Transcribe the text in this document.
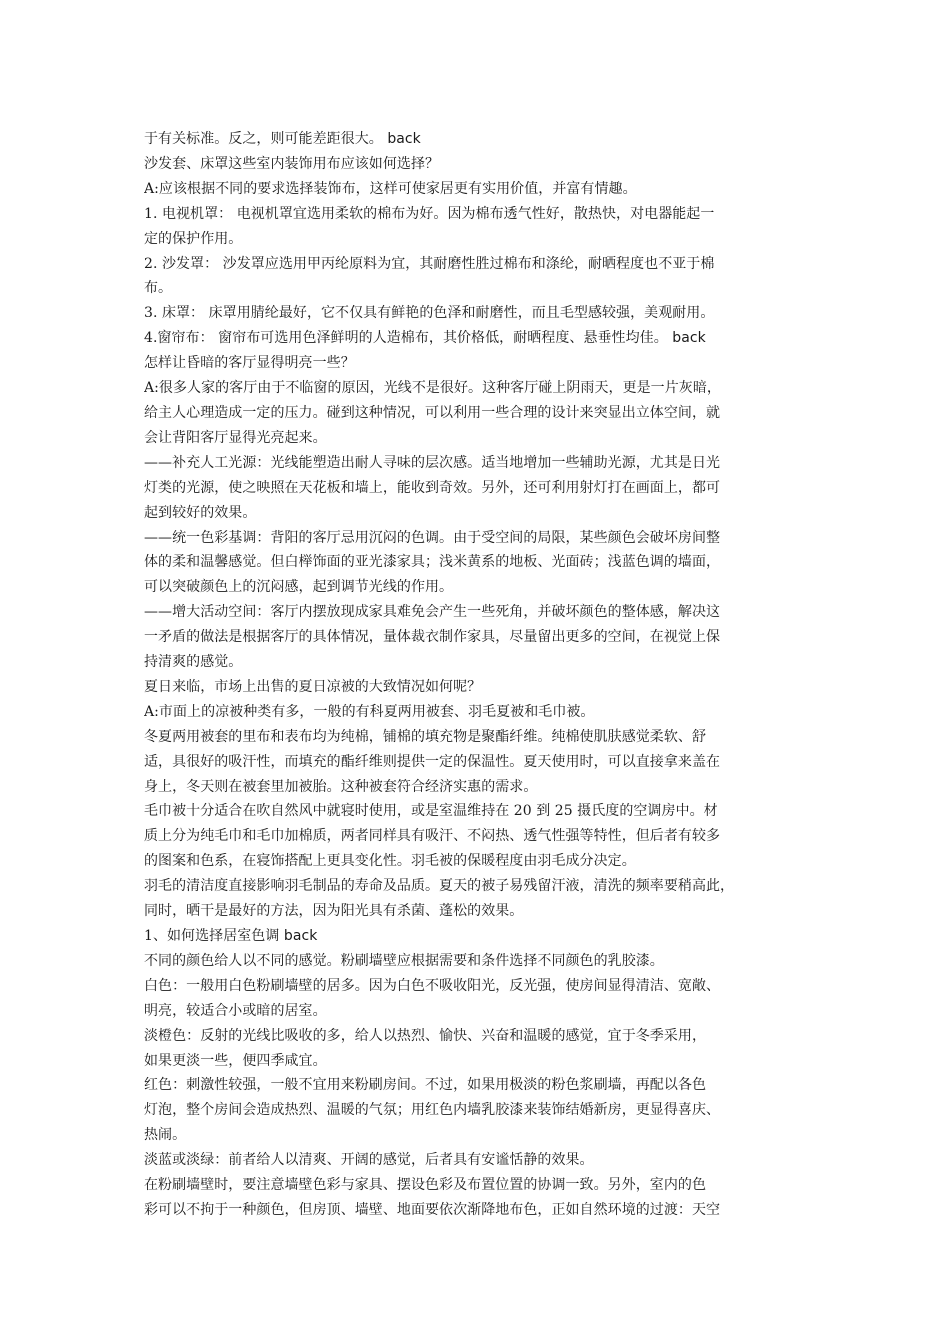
于有关标准。反之，则可能差距很大。 back

沙发套、床罩这些室内装饰用布应该如何选择？

A:应该根据不同的要求选择装饰布，这样可使家居更有实用价值，并富有情趣。

1. 电视机罩： 电视机罩宜选用柔软的棉布为好。因为棉布透气性好，散热快，对电器能起一

定的保护作用。

2. 沙发罩： 沙发罩应选用甲丙纶原料为宜，其耐磨性胜过棉布和涤纶，耐晒程度也不亚于棉

布。

3. 床罩： 床罩用腈纶最好，它不仅具有鲜艳的色泽和耐磨性，而且毛型感较强，美观耐用。

4.窗帘布： 窗帘布可选用色泽鲜明的人造棉布，其价格低，耐晒程度、悬垂性均佳。 back

怎样让昏暗的客厅显得明亮一些？

A:很多人家的客厅由于不临窗的原因，光线不是很好。这种客厅碰上阴雨天，更是一片灰暗，

给主人心理造成一定的压力。碰到这种情况，可以利用一些合理的设计来突显出立体空间，就

会让背阳客厅显得光亮起来。

——补充人工光源：光线能塑造出耐人寻味的层次感。适当地增加一些辅助光源，尤其是日光

灯类的光源，使之映照在天花板和墙上，能收到奇效。另外，还可利用射灯打在画面上，都可

起到较好的效果。

——统一色彩基调：背阳的客厅忌用沉闷的色调。由于受空间的局限，某些颜色会破坏房间整

体的柔和温馨感觉。但白榉饰面的亚光漆家具；浅米黄系的地板、光面砖；浅蓝色调的墙面，

可以突破颜色上的沉闷感，起到调节光线的作用。

——增大活动空间：客厅内摆放现成家具难免会产生一些死角，并破坏颜色的整体感，解决这

一矛盾的做法是根据客厅的具体情况，量体裁衣制作家具，尽量留出更多的空间，在视觉上保

持清爽的感觉。

夏日来临，市场上出售的夏日凉被的大致情况如何呢？

A:市面上的凉被种类有多，一般的有科夏两用被套、羽毛夏被和毛巾被。

冬夏两用被套的里布和表布均为纯棉，铺棉的填充物是聚酯纤维。纯棉使肌肤感觉柔软、舒

适，具很好的吸汗性，而填充的酯纤维则提供一定的保温性。夏天使用时，可以直接拿来盖在

身上，冬天则在被套里加被胎。这种被套符合经济实惠的需求。

毛巾被十分适合在吹自然风中就寝时使用，或是室温维持在 20 到 25 摄氏度的空调房中。材

质上分为纯毛巾和毛巾加棉质，两者同样具有吸汗、不闷热、透气性强等特性，但后者有较多

的图案和色系，在寝饰搭配上更具变化性。羽毛被的保暖程度由羽毛成分决定。

羽毛的清洁度直接影响羽毛制品的寿命及品质。夏天的被子易残留汗液，清洗的频率要稍高此，

同时，晒干是最好的方法，因为阳光具有杀菌、蓬松的效果。

1、如何选择居室色调 back

不同的颜色给人以不同的感觉。粉刷墙壁应根据需要和条件选择不同颜色的乳胶漆。

白色：一般用白色粉刷墙壁的居多。因为白色不吸收阳光，反光强，使房间显得清洁、宽敞、

明亮，较适合小或暗的居室。

淡橙色：反射的光线比吸收的多，给人以热烈、愉快、兴奋和温暖的感觉，宜于冬季采用，

如果更淡一些，便四季咸宜。

红色：刺激性较强，一般不宜用来粉刷房间。不过，如果用极淡的粉色浆刷墙，再配以各色

灯泡，整个房间会造成热烈、温暖的气氛；用红色内墙乳胶漆来装饰结婚新房，更显得喜庆、

热闹。

淡蓝或淡绿：前者给人以清爽、开阔的感觉，后者具有安谧恬静的效果。

在粉刷墙壁时，要注意墙壁色彩与家具、摆设色彩及布置位置的协调一致。另外，室内的色

彩可以不拘于一种颜色，但房顶、墙壁、地面要依次渐降地布色，正如自然环境的过渡：天空
